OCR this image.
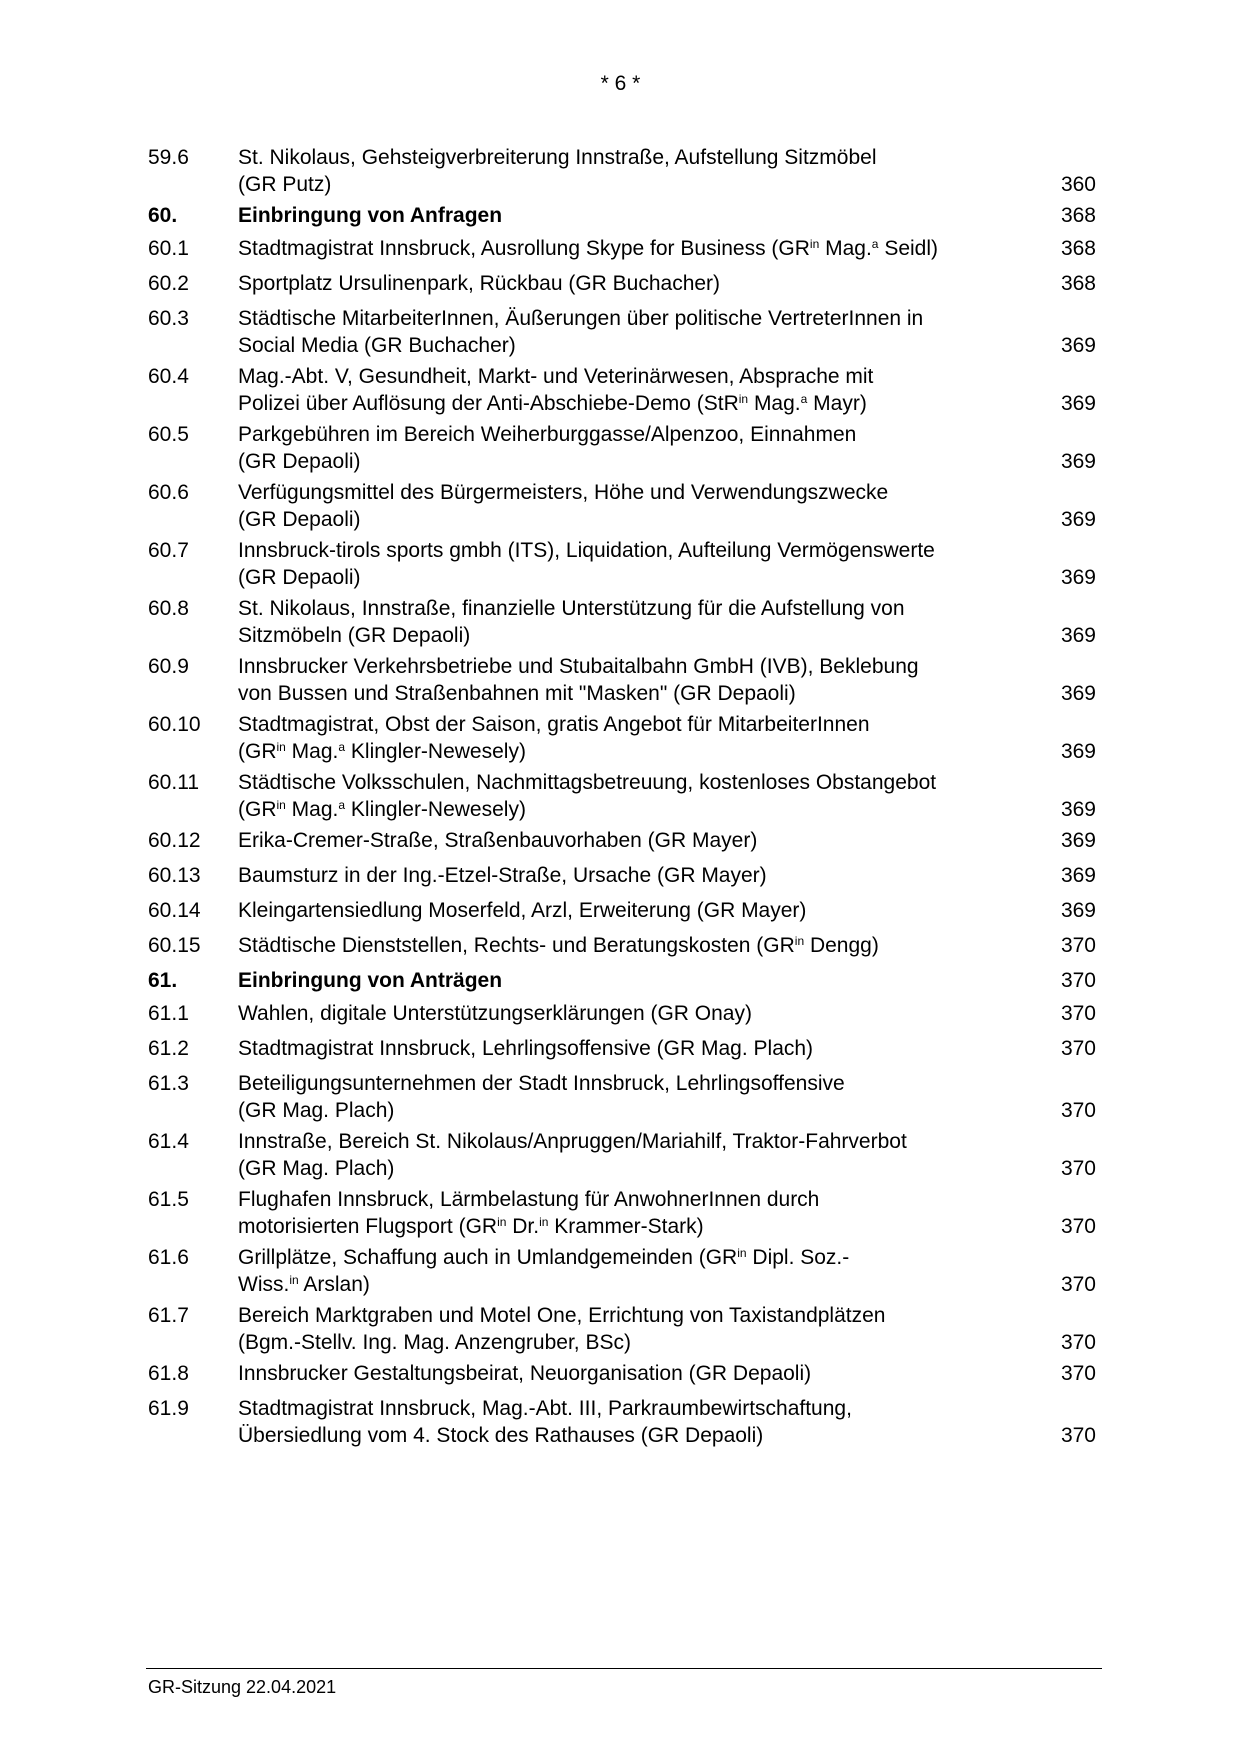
* 6 *
59.6 St. Nikolaus, Gehsteigverbreiterung Innstraße, Aufstellung Sitzmöbel
(GR Putz)	360
60.	Einbringung von Anfragen	368
60.1 Stadtmagistrat Innsbruck, Ausrollung Skype for Business ($GR^{in}$ Mag.$^a$ Seidl)	368
60.2 Sportplatz Ursulinenpark, Rückbau (GR Buchacher)	368
60.3 Städtische MitarbeiterInnen, Äußerungen über politische VertreterInnen in
Social Media (GR Buchacher)	369
60.4 Mag.-Abt. V, Gesundheit, Markt- und Veterinärwesen, Absprache mit
Polizei über Auflösung der Anti-Abschiebe-Demo (StR$^{in}$ Mag.$^a$ Mayr)	369
60.5 Parkgebühren im Bereich Weiherburggasse/Alpenzoo, Einnahmen
(GR Depaoli)	369
60.6 Verfügungsmittel des Bürgermeisters, Höhe und Verwendungszwecke
(GR Depaoli)	369
60.7 Innsbruck-tirols sports gmbh (ITS), Liquidation, Aufteilung Vermögenswerte
(GR Depaoli)	369
60.8 St. Nikolaus, Innstraße, finanzielle Unterstützung für die Aufstellung von
Sitzmöbeln (GR Depaoli)	369
60.9 Innsbrucker Verkehrsbetriebe und Stubaitalbahn GmbH (IVB), Beklebung
von Bussen und Straßenbahnen mit "Masken" (GR Depaoli)	369
60.10 Stadtmagistrat, Obst der Saison, gratis Angebot für MitarbeiterInnen
($GR^{in}$ Mag.$^a$ Klingler-Newesely)	369
60.11 Städtische Volksschulen, Nachmittagsbetreuung, kostenloses Obstangebot
($GR^{in}$ Mag.$^a$ Klingler-Newesely)	369
60.12 Erika-Cremer-Straße, Straßenbauvorhaben (GR Mayer)	369
60.13 Baumsturz in der Ing.-Etzel-Straße, Ursache (GR Mayer)	369
60.14 Kleingartensiedlung Moserfeld, Arzl, Erweiterung (GR Mayer)	369
60.15 Städtische Dienststellen, Rechts- und Beratungskosten ($GR^{in}$ Dengg)	370
61.	Einbringung von Anträgen	370
61.1 Wahlen, digitale Unterstützungserklärungen (GR Onay)	370
61.2 Stadtmagistrat Innsbruck, Lehrlingsoffensive (GR Mag. Plach)	370
61.3 Beteiligungsunternehmen der Stadt Innsbruck, Lehrlingsoffensive
(GR Mag. Plach)	370
61.4 Innstraße, Bereich St. Nikolaus/Anpruggen/Mariahilf, Traktor-Fahrverbot
(GR Mag. Plach)	370
61.5 Flughafen Innsbruck, Lärmbelastung für AnwohnerInnen durch
motorisierten Flugsport ($GR^{in}$ Dr.$^{in}$ Krammer-Stark)	370
61.6 Grillplätze, Schaffung auch in Umlandgemeinden ($GR^{in}$ Dipl. Soz.-
Wiss.$^{in}$ Arslan)	370
61.7 Bereich Marktgraben und Motel One, Errichtung von Taxistandplätzen
(Bgm.-Stellv. Ing. Mag. Anzengruber, BSc)	370
61.8 Innsbrucker Gestaltungsbeirat, Neuorganisation (GR Depaoli)	370
61.9 Stadtmagistrat Innsbruck, Mag.-Abt. III, Parkraumbewirtschaftung,
Übersiedlung vom 4. Stock des Rathauses (GR Depaoli)	370
GR-Sitzung 22.04.2021
